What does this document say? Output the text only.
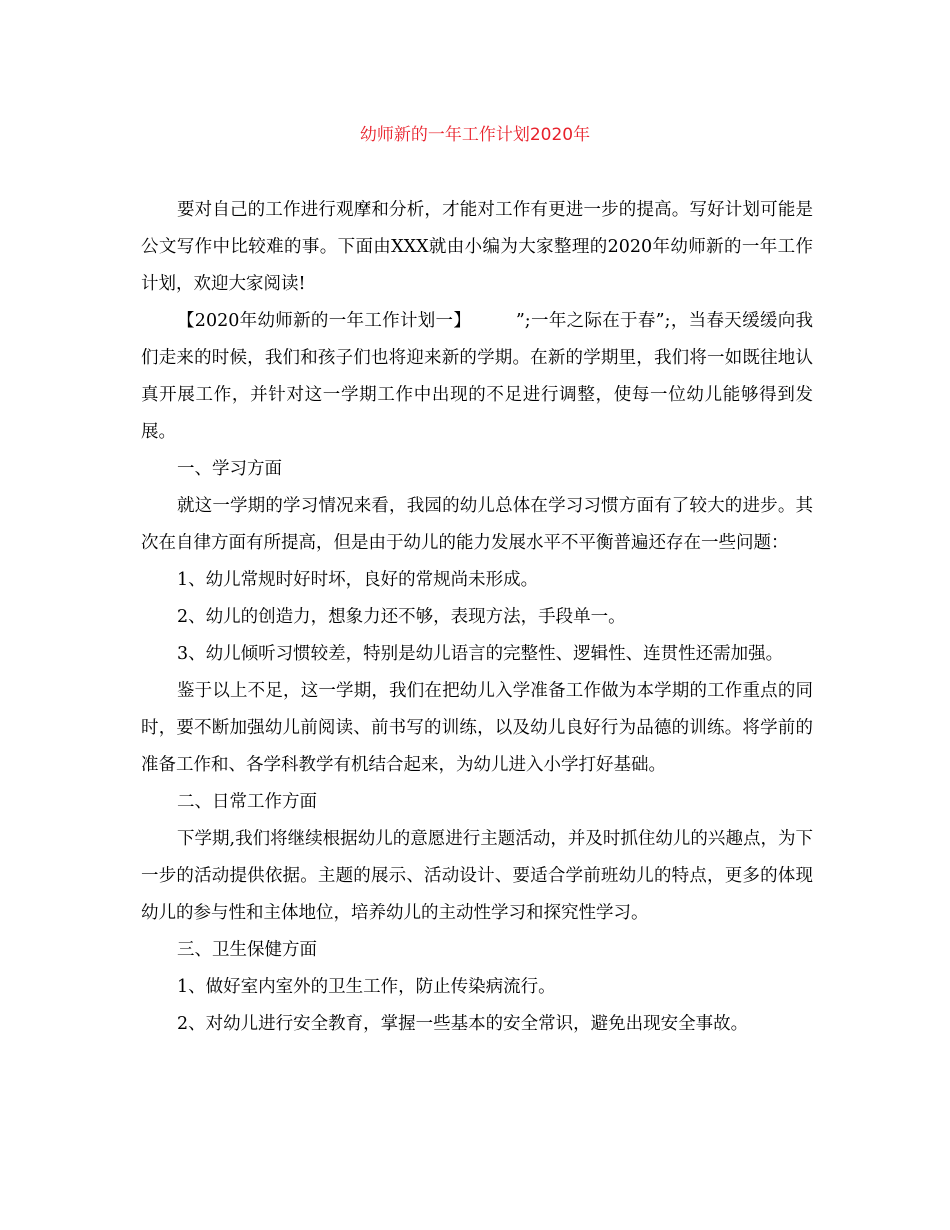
幼师新的一年工作计划2020年

要对自己的工作进行观摩和分析，才能对工作有更进一步的提高。写好计划可能是公文写作中比较难的事。下面由XXX就由小编为大家整理的2020年幼师新的一年工作计划，欢迎大家阅读!

【2020年幼师新的一年工作计划一】　　　”;一年之际在于春”;，当春天缓缓向我们走来的时候，我们和孩子们也将迎来新的学期。在新的学期里，我们将一如既往地认真开展工作，并针对这一学期工作中出现的不足进行调整，使每一位幼儿能够得到发展。

一、学习方面

就这一学期的学习情况来看，我园的幼儿总体在学习习惯方面有了较大的进步。其次在自律方面有所提高，但是由于幼儿的能力发展水平不平衡普遍还存在一些问题：

1、幼儿常规时好时坏，良好的常规尚未形成。

2、幼儿的创造力，想象力还不够，表现方法，手段单一。

3、幼儿倾听习惯较差，特别是幼儿语言的完整性、逻辑性、连贯性还需加强。

鉴于以上不足，这一学期，我们在把幼儿入学准备工作做为本学期的工作重点的同时，要不断加强幼儿前阅读、前书写的训练，以及幼儿良好行为品德的训练。将学前的准备工作和、各学科教学有机结合起来，为幼儿进入小学打好基础。

二、日常工作方面

下学期,我们将继续根据幼儿的意愿进行主题活动，并及时抓住幼儿的兴趣点，为下一步的活动提供依据。主题的展示、活动设计、要适合学前班幼儿的特点，更多的体现幼儿的参与性和主体地位，培养幼儿的主动性学习和探究性学习。

三、卫生保健方面

1、做好室内室外的卫生工作，防止传染病流行。

2、对幼儿进行安全教育，掌握一些基本的安全常识，避免出现安全事故。
